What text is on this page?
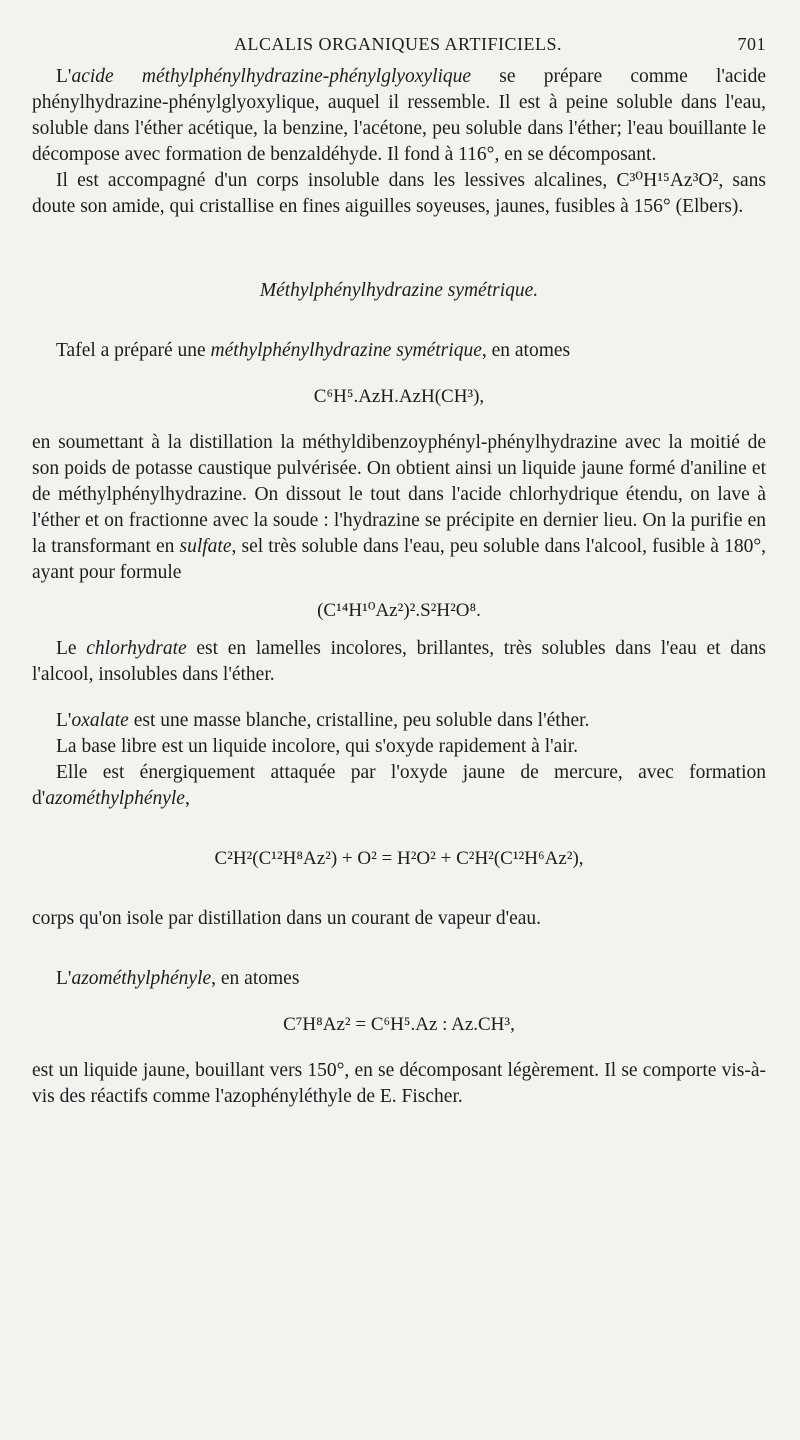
ALCALIS ORGANIQUES ARTIFICIELS.	701

L'acide méthylphénylhydrazine-phénylglyoxylique se prépare comme l'acide phénylhydrazine-phénylglyoxylique, auquel il ressemble. Il est à peine soluble dans l'eau, soluble dans l'éther acétique, la benzine, l'acétone, peu soluble dans l'éther; l'eau bouillante le décompose avec formation de benzaldéhyde. Il fond à 116°, en se décomposant.

Il est accompagné d'un corps insoluble dans les lessives alcalines, C³⁰H¹⁵Az³O², sans doute son amide, qui cristallise en fines aiguilles soyeuses, jaunes, fusibles à 156° (Elbers).

Méthylphénylhydrazine symétrique.

Tafel a préparé une méthylphénylhydrazine symétrique, en atomes

C⁶H⁵.AzH.AzH(CH³),

en soumettant à la distillation la méthyldibenzoyphényl-phénylhydrazine avec la moitié de son poids de potasse caustique pulvérisée. On obtient ainsi un liquide jaune formé d'aniline et de méthylphénylhydrazine. On dissout le tout dans l'acide chlorhydrique étendu, on lave à l'éther et on fractionne avec la soude : l'hydrazine se précipite en dernier lieu. On la purifie en la transformant en sulfate, sel très soluble dans l'eau, peu soluble dans l'alcool, fusible à 180°, ayant pour formule

(C¹⁴H¹⁰Az²)².S²H²O⁸.

Le chlorhydrate est en lamelles incolores, brillantes, très solubles dans l'eau et dans l'alcool, insolubles dans l'éther.

L'oxalate est une masse blanche, cristalline, peu soluble dans l'éther.

La base libre est un liquide incolore, qui s'oxyde rapidement à l'air.

Elle est énergiquement attaquée par l'oxyde jaune de mercure, avec formation d'azométhylphényle,

C²H²(C¹²H⁸Az²) + O² = H²O² + C²H²(C¹²H⁶Az²),

corps qu'on isole par distillation dans un courant de vapeur d'eau.

L'azométhylphényle, en atomes

C⁷H⁸Az² = C⁶H⁵.Az : Az.CH³,

est un liquide jaune, bouillant vers 150°, en se décomposant légèrement. Il se comporte vis-à-vis des réactifs comme l'azophényléthyle de E. Fischer.
